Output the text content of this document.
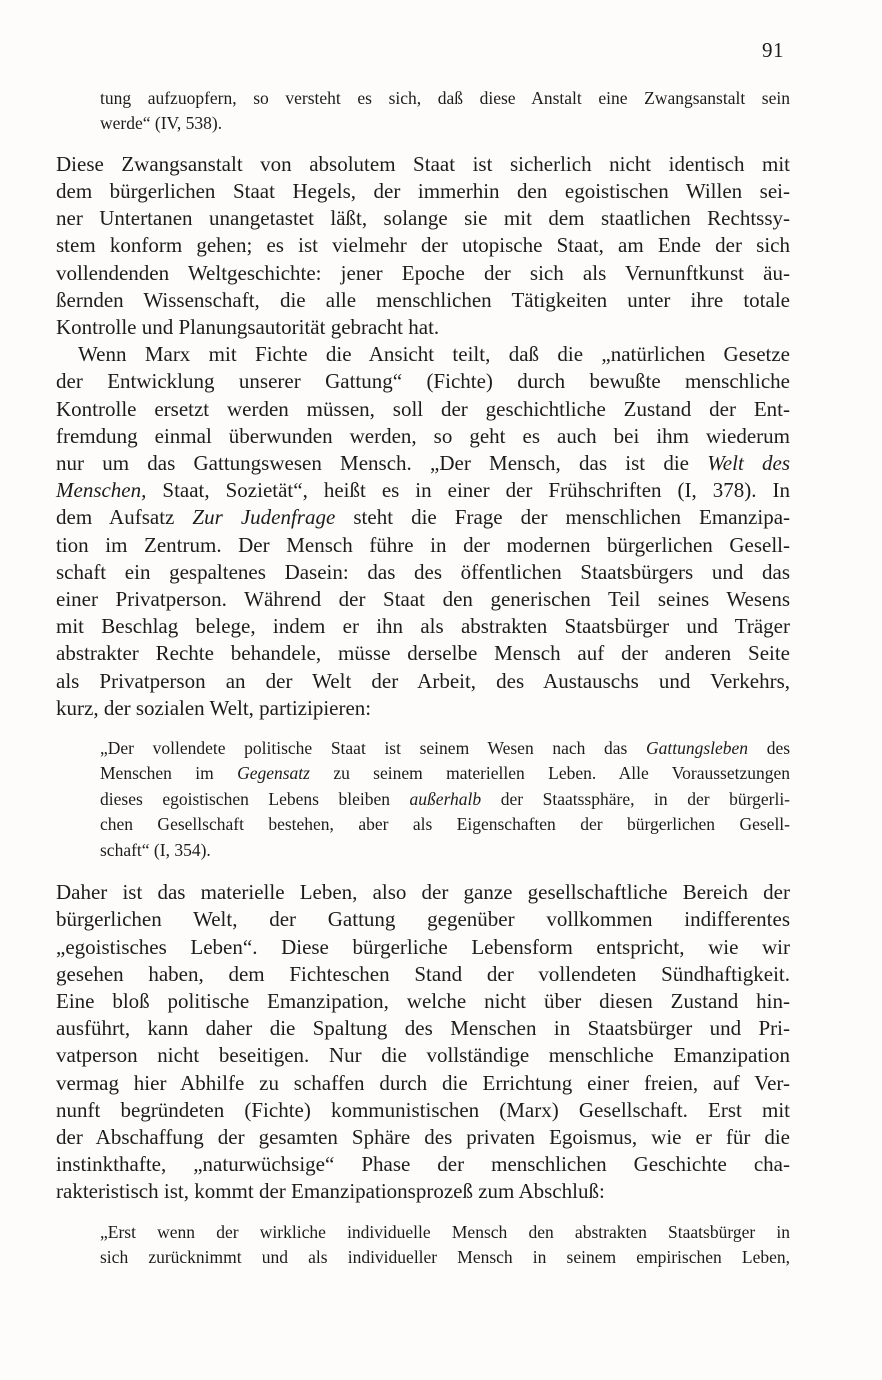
91
tung aufzuopfern, so versteht es sich, daß diese Anstalt eine Zwangsanstalt sein
werde“ (IV, 538).
Diese Zwangsanstalt von absolutem Staat ist sicherlich nicht identisch mit
dem bürgerlichen Staat Hegels, der immerhin den egoistischen Willen sei-
ner Untertanen unangetastet läßt, solange sie mit dem staatlichen Rechtssy-
stem konform gehen; es ist vielmehr der utopische Staat, am Ende der sich
vollendenden Weltgeschichte: jener Epoche der sich als Vernunftkunst äu-
ßernden Wissenschaft, die alle menschlichen Tätigkeiten unter ihre totale
Kontrolle und Planungsautorität gebracht hat.
Wenn Marx mit Fichte die Ansicht teilt, daß die „natürlichen Gesetze
der Entwicklung unserer Gattung“ (Fichte) durch bewußte menschliche
Kontrolle ersetzt werden müssen, soll der geschichtliche Zustand der Ent-
fremdung einmal überwunden werden, so geht es auch bei ihm wiederum
nur um das Gattungswesen Mensch. „Der Mensch, das ist die Welt des
Menschen, Staat, Sozietät“, heißt es in einer der Frühschriften (I, 378). In
dem Aufsatz Zur Judenfrage steht die Frage der menschlichen Emanzipa-
tion im Zentrum. Der Mensch führe in der modernen bürgerlichen Gesell-
schaft ein gespaltenes Dasein: das des öffentlichen Staatsbürgers und das
einer Privatperson. Während der Staat den generischen Teil seines Wesens
mit Beschlag belege, indem er ihn als abstrakten Staatsbürger und Träger
abstrakter Rechte behandele, müsse derselbe Mensch auf der anderen Seite
als Privatperson an der Welt der Arbeit, des Austauschs und Verkehrs,
kurz, der sozialen Welt, partizipieren:
„Der vollendete politische Staat ist seinem Wesen nach das Gattungsleben des
Menschen im Gegensatz zu seinem materiellen Leben. Alle Voraussetzungen
dieses egoistischen Lebens bleiben außerhalb der Staatssphäre, in der bürgerli-
chen Gesellschaft bestehen, aber als Eigenschaften der bürgerlichen Gesell-
schaft“ (I, 354).
Daher ist das materielle Leben, also der ganze gesellschaftliche Bereich der
bürgerlichen Welt, der Gattung gegenüber vollkommen indifferentes
„egoistisches Leben“. Diese bürgerliche Lebensform entspricht, wie wir
gesehen haben, dem Fichteschen Stand der vollendeten Sündhaftigkeit.
Eine bloß politische Emanzipation, welche nicht über diesen Zustand hin-
ausführt, kann daher die Spaltung des Menschen in Staatsbürger und Pri-
vatperson nicht beseitigen. Nur die vollständige menschliche Emanzipation
vermag hier Abhilfe zu schaffen durch die Errichtung einer freien, auf Ver-
nunft begründeten (Fichte) kommunistischen (Marx) Gesellschaft. Erst mit
der Abschaffung der gesamten Sphäre des privaten Egoismus, wie er für die
instinkthafte, „naturwüchsige“ Phase der menschlichen Geschichte cha-
rakteristisch ist, kommt der Emanzipationsprozeß zum Abschluß:
„Erst wenn der wirkliche individuelle Mensch den abstrakten Staatsbürger in
sich zurücknimmt und als individueller Mensch in seinem empirischen Leben,
